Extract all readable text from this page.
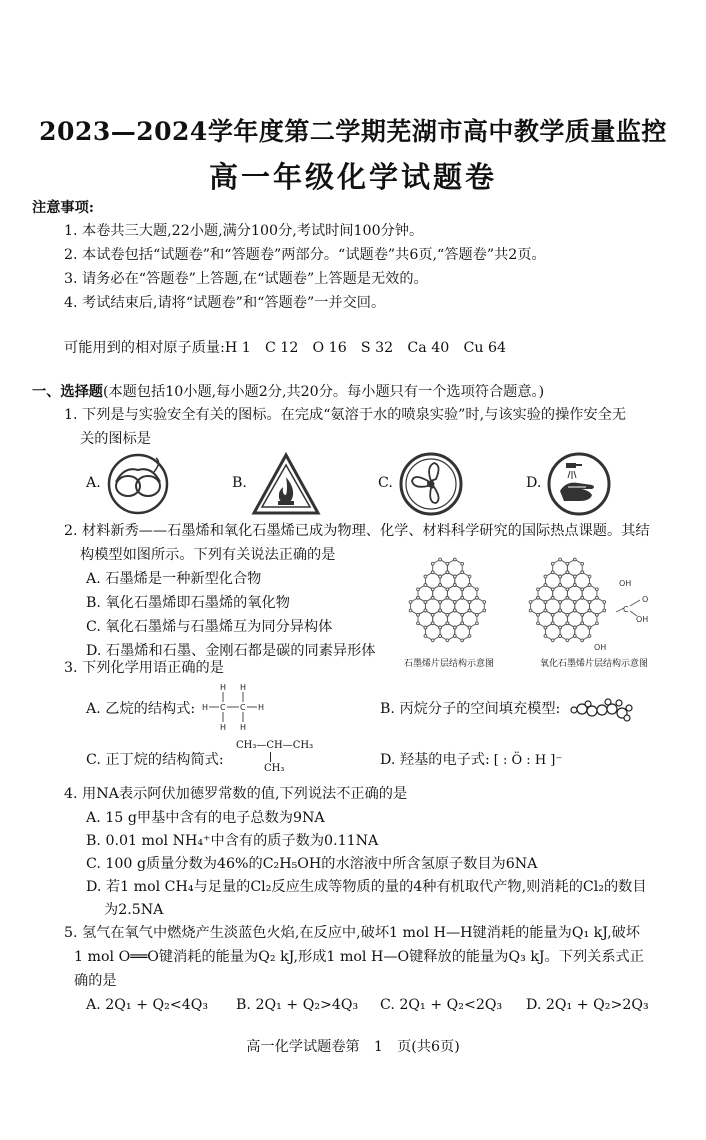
2023—2024学年度第二学期芜湖市高中教学质量监控
高一年级化学试题卷
注意事项:
1. 本卷共三大题,22小题,满分100分,考试时间100分钟。
2. 本试卷包括“试题卷”和“答题卷”两部分。“试题卷”共6页,“答题卷”共2页。
3. 请务必在“答题卷”上答题,在“试题卷”上答题是无效的。
4. 考试结束后,请将“试题卷”和“答题卷”一并交回。
可能用到的相对原子质量:H 1　C 12　O 16　S 32　Ca 40　Cu 64
一、选择题(本题包括10小题,每小题2分,共20分。每小题只有一个选项符合题意。)
1. 下列是与实验安全有关的图标。在完成“氨溶于水的喷泉实验”时,与该实验的操作安全无
关的图标是
A.	B.	C.	D.
2. 材料新秀——石墨烯和氧化石墨烯已成为物理、化学、材料科学研究的国际热点课题。其结
构模型如图所示。下列有关说法正确的是
A. 石墨烯是一种新型化合物
B. 氧化石墨烯即石墨烯的氧化物
C. 氧化石墨烯与石墨烯互为同分异构体
D. 石墨烯和石墨、金刚石都是碳的同素异形体
石墨烯片层结构示意图
OH
C
O
OH
OH
氧化石墨烯片层结构示意图
3. 下列化学用语正确的是
A. 乙烷的结构式:
H H
H C C H
H H
B. 丙烷分子的空间填充模型:
C. 正丁烷的结构简式:
CH₃—CH—CH₃
CH₃
D. 羟基的电子式: [ : Ö : H ]⁻
4. 用NA表示阿伏加德罗常数的值,下列说法不正确的是
A. 15 g甲基中含有的电子总数为9NA
B. 0.01 mol NH₄⁺中含有的质子数为0.11NA
C. 100 g质量分数为46%的C₂H₅OH的水溶液中所含氢原子数目为6NA
D. 若1 mol CH₄与足量的Cl₂反应生成等物质的量的4种有机取代产物,则消耗的Cl₂的数目
为2.5NA
5. 氢气在氧气中燃烧产生淡蓝色火焰,在反应中,破坏1 mol H—H键消耗的能量为Q₁ kJ,破坏
1 mol O══O键消耗的能量为Q₂ kJ,形成1 mol H—O键释放的能量为Q₃ kJ。下列关系式正
确的是
A. 2Q₁ + Q₂<4Q₃ B. 2Q₁ + Q₂>4Q₃ C. 2Q₁ + Q₂<2Q₃ D. 2Q₁ + Q₂>2Q₃
高一化学试题卷第　1　页(共6页)
